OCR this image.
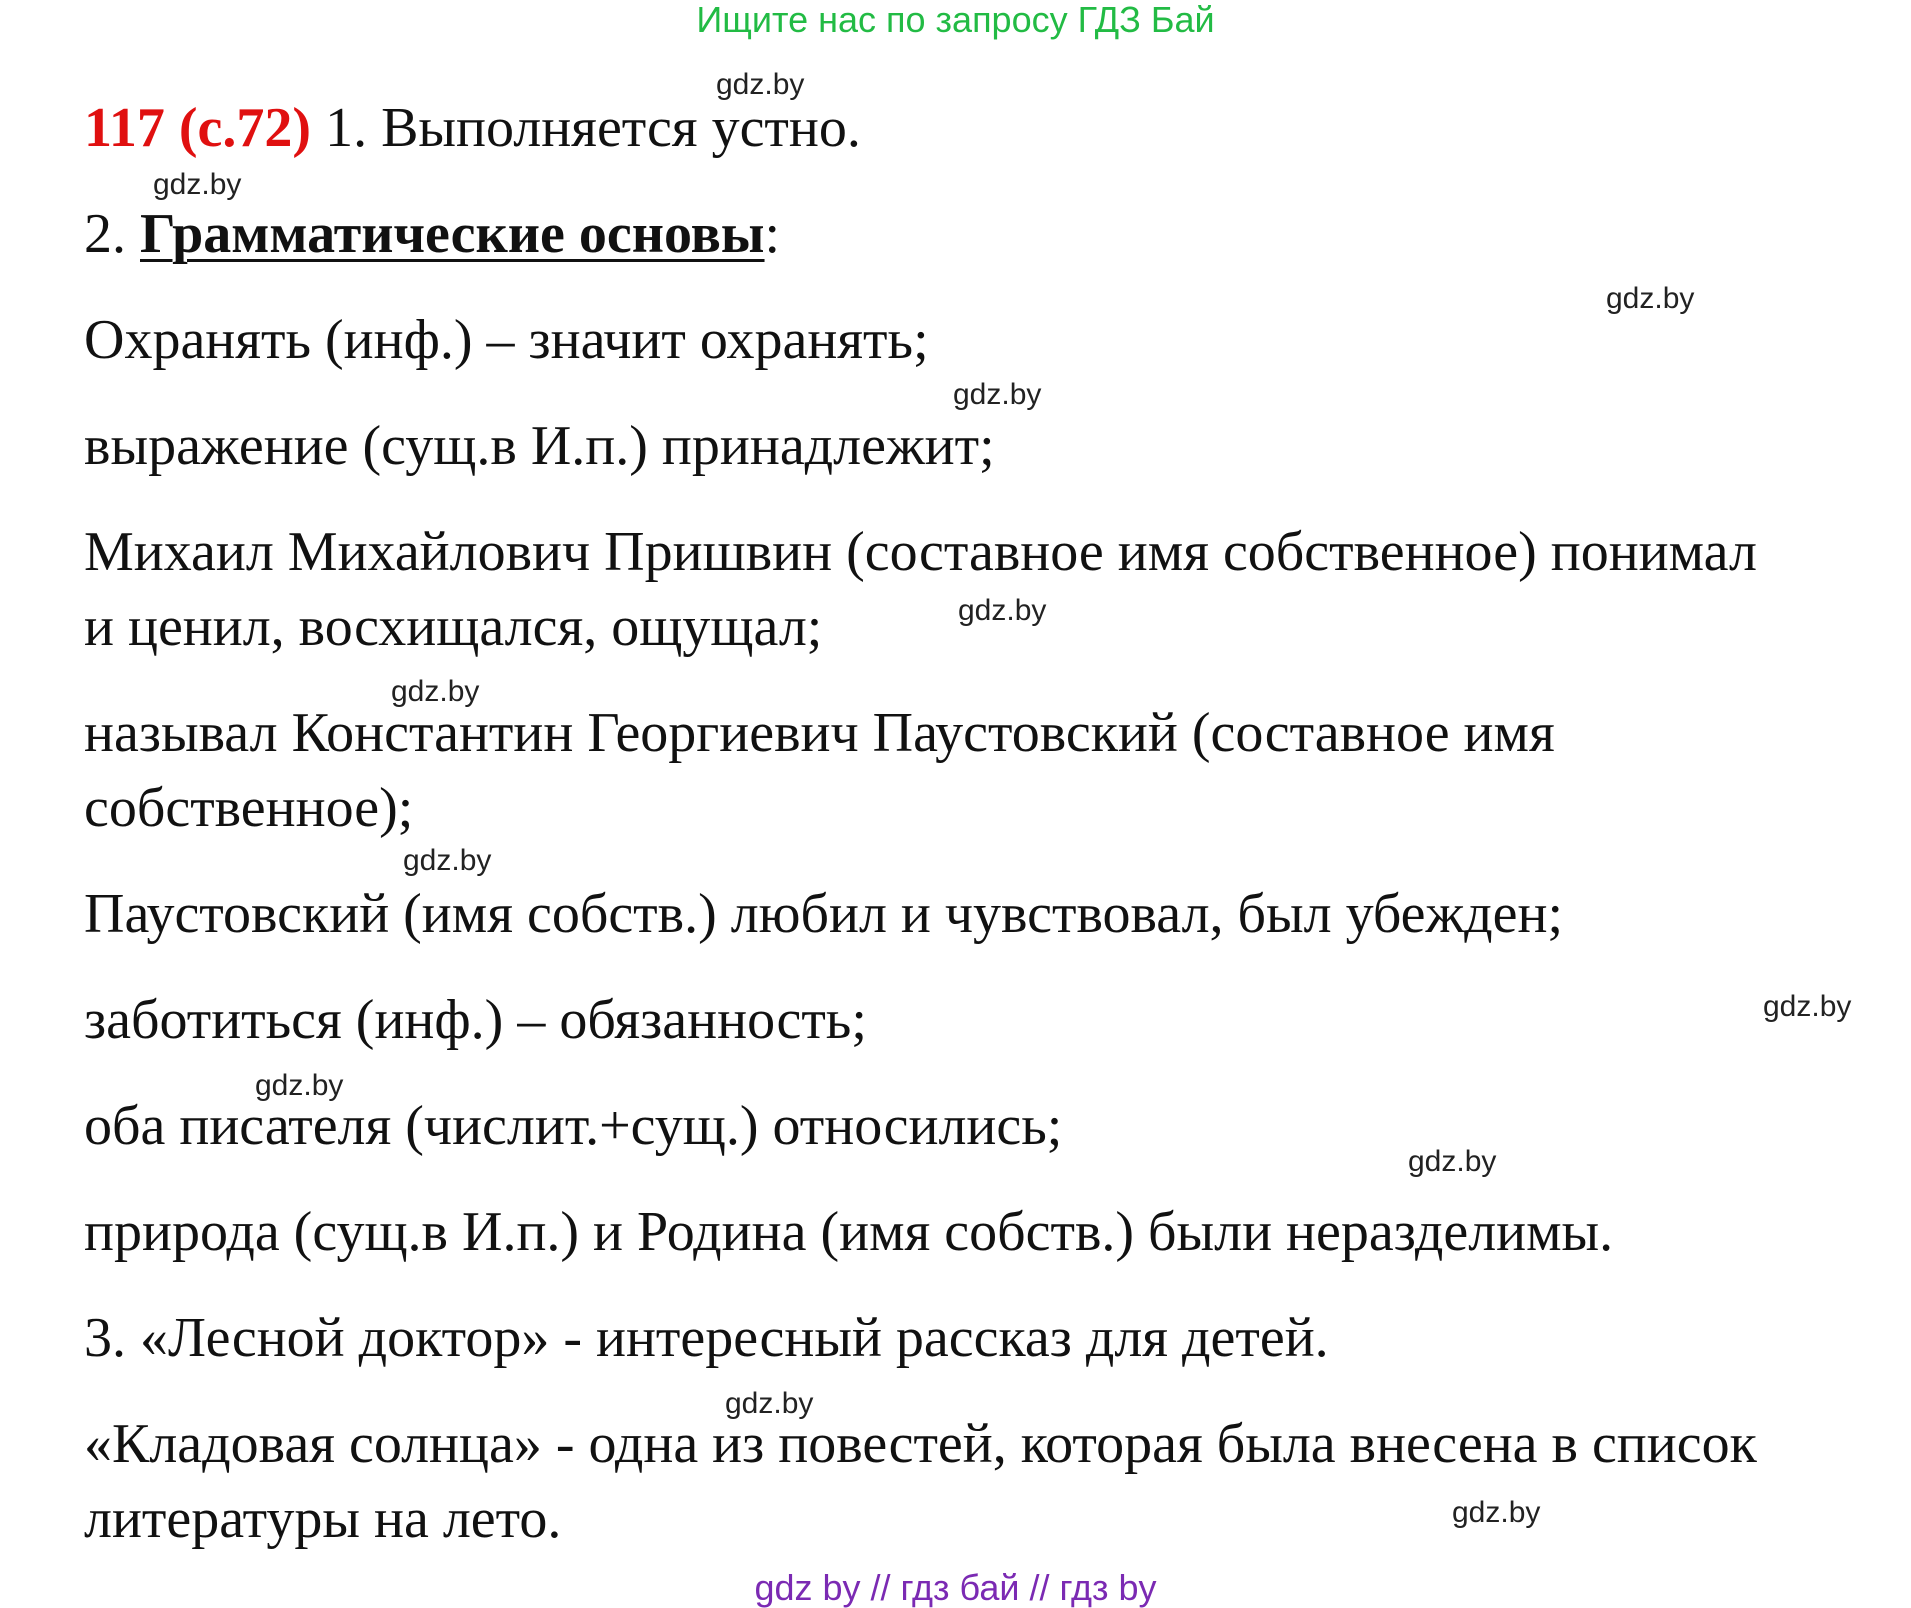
Ищите нас по запросу ГДЗ Бай
117 (с.72) 1. Выполняется устно.
2. Грамматические основы:
Охранять (инф.) – значит охранять;
выражение (сущ.в И.п.) принадлежит;
Михаил Михайлович Пришвин (составное имя собственное) понимал
и ценил, восхищался, ощущал;
называл Константин Георгиевич Паустовский (составное имя
собственное);
Паустовский (имя собств.) любил и чувствовал, был убежден;
заботиться (инф.) – обязанность;
оба писателя (числит.+сущ.) относились;
природа (сущ.в И.п.) и Родина (имя собств.) были неразделимы.
3. «Лесной доктор» - интересный рассказ для детей.
«Кладовая солнца» - одна из повестей, которая была внесена в список
литературы на лето.
gdz.by
gdz.by
gdz.by
gdz.by
gdz.by
gdz.by
gdz.by
gdz.by
gdz.by
gdz.by
gdz.by
gdz.by
gdz by // гдз бай // гдз by
